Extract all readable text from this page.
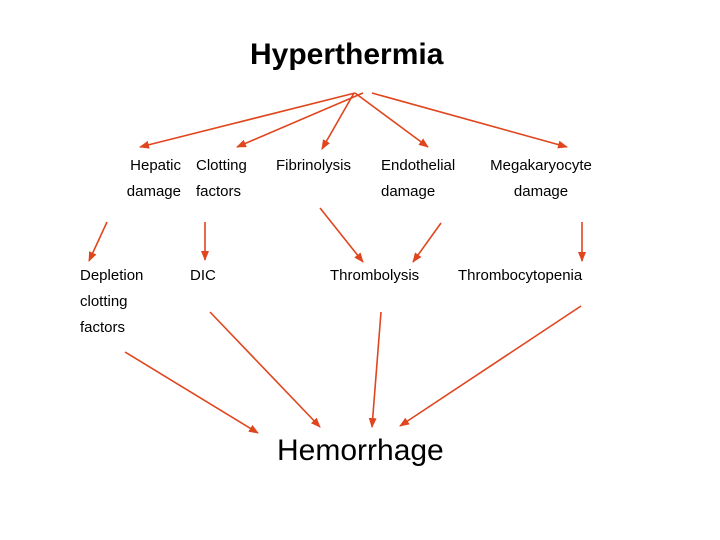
Hyperthermia
Hepatic
damage
Clotting
factors
Fibrinolysis Endothelial
damage
Megakaryocyte
damage
Depletion
clotting
factors
DIC	Thrombolysis	Thrombocytopenia
Hemorrhage
